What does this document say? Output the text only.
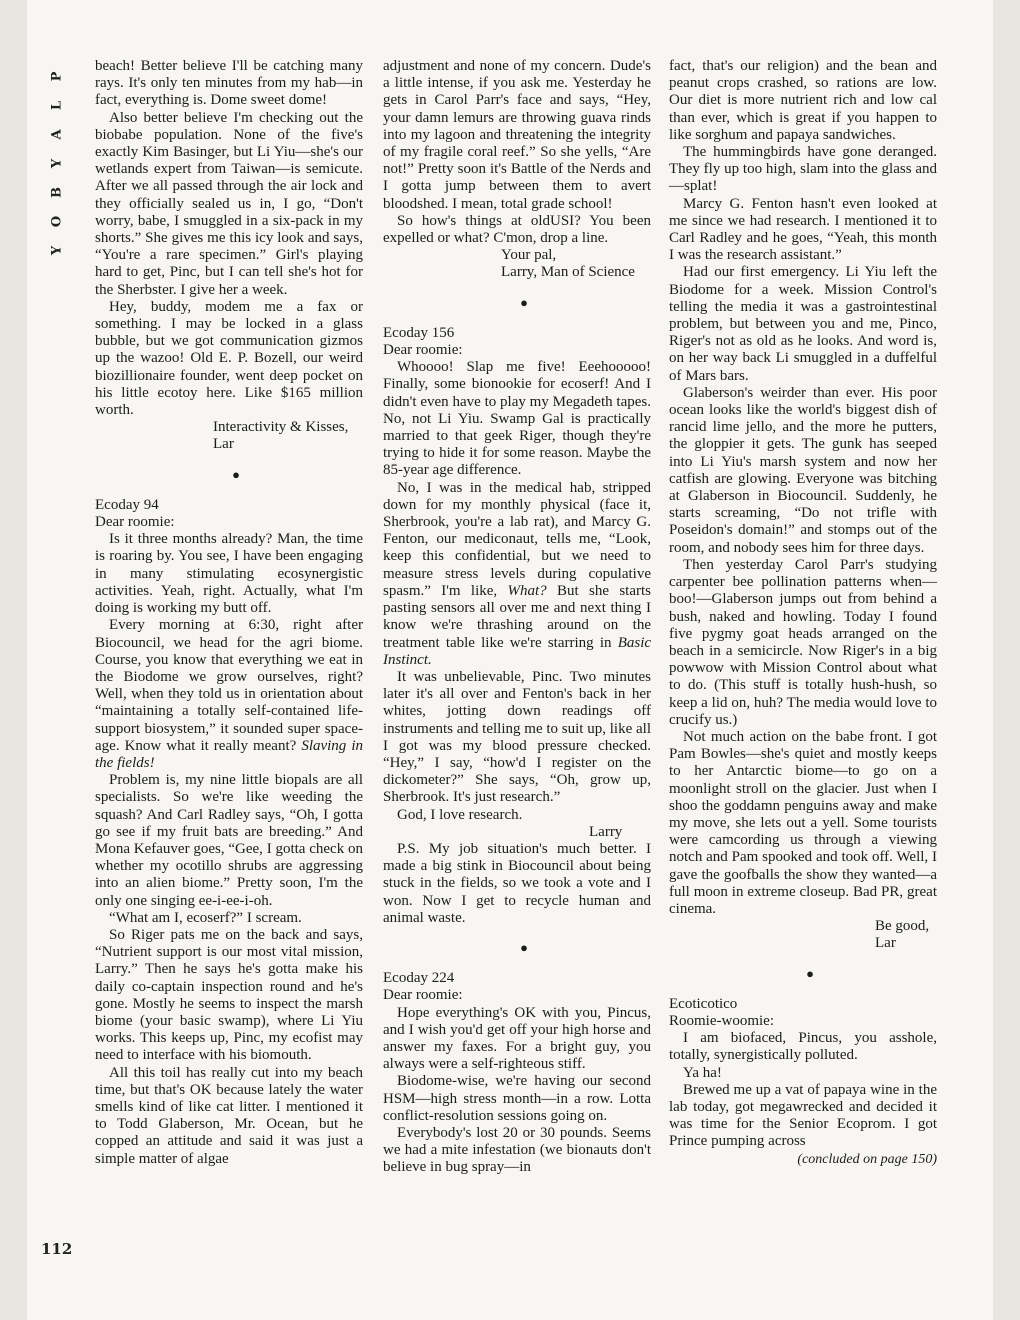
P
L
A
Y
B
O
Y
112

beach! Better believe I'll be catching many rays. It's only ten minutes from my hab—in fact, everything is. Dome sweet dome!

Also better believe I'm checking out the biobabe population. None of the five's exactly Kim Basinger, but Li Yiu—she's our wetlands expert from Taiwan—is semicute. After we all passed through the air lock and they officially sealed us in, I go, “Don't worry, babe, I smuggled in a six-pack in my shorts.” She gives me this icy look and says, “You're a rare specimen.” Girl's playing hard to get, Pinc, but I can tell she's hot for the Sherbster. I give her a week.

Hey, buddy, modem me a fax or something. I may be locked in a glass bubble, but we got communication gizmos up the wazoo! Old E. P. Bozell, our weird biozillionaire founder, went deep pocket on his little ecotoy here. Like $165 million worth.

Interactivity & Kisses,

Lar

●

Ecoday 94

Dear roomie:

Is it three months already? Man, the time is roaring by. You see, I have been engaging in many stimulating ecosynergistic activities. Yeah, right. Actually, what I'm doing is working my butt off.

Every morning at 6:30, right after Biocouncil, we head for the agri biome. Course, you know that everything we eat in the Biodome we grow ourselves, right? Well, when they told us in orientation about “maintaining a totally self-contained life-support biosystem,” it sounded super space-age. Know what it really meant? Slaving in the fields!

Problem is, my nine little biopals are all specialists. So we're like weeding the squash? And Carl Radley says, “Oh, I gotta go see if my fruit bats are breeding.” And Mona Kefauver goes, “Gee, I gotta check on whether my ocotillo shrubs are aggressing into an alien biome.” Pretty soon, I'm the only one singing ee-i-ee-i-oh.

“What am I, ecoserf?” I scream.

So Riger pats me on the back and says, “Nutrient support is our most vital mission, Larry.” Then he says he's gotta make his daily co-captain inspection round and he's gone. Mostly he seems to inspect the marsh biome (your basic swamp), where Li Yiu works. This keeps up, Pinc, my ecofist may need to interface with his biomouth.

All this toil has really cut into my beach time, but that's OK because lately the water smells kind of like cat litter. I mentioned it to Todd Glaberson, Mr. Ocean, but he copped an attitude and said it was just a simple matter of algae

adjustment and none of my concern. Dude's a little intense, if you ask me. Yesterday he gets in Carol Parr's face and says, “Hey, your damn lemurs are throwing guava rinds into my lagoon and threatening the integrity of my fragile coral reef.” So she yells, “Are not!” Pretty soon it's Battle of the Nerds and I gotta jump between them to avert bloodshed. I mean, total grade school!

So how's things at oldUSI? You been expelled or what? C'mon, drop a line.

Your pal,

Larry, Man of Science

●

Ecoday 156

Dear roomie:

Whoooo! Slap me five! Eeehooooo! Finally, some bionookie for ecoserf! And I didn't even have to play my Megadeth tapes. No, not Li Yiu. Swamp Gal is practically married to that geek Riger, though they're trying to hide it for some reason. Maybe the 85-year age difference.

No, I was in the medical hab, stripped down for my monthly physical (face it, Sherbrook, you're a lab rat), and Marcy G. Fenton, our mediconaut, tells me, “Look, keep this confidential, but we need to measure stress levels during copulative spasm.” I'm like, What? But she starts pasting sensors all over me and next thing I know we're thrashing around on the treatment table like we're starring in Basic Instinct.

It was unbelievable, Pinc. Two minutes later it's all over and Fenton's back in her whites, jotting down readings off instruments and telling me to suit up, like all I got was my blood pressure checked. “Hey,” I say, “how'd I register on the dickometer?” She says, “Oh, grow up, Sherbrook. It's just research.”

God, I love research.

Larry

P.S. My job situation's much better. I made a big stink in Biocouncil about being stuck in the fields, so we took a vote and I won. Now I get to recycle human and animal waste.

●

Ecoday 224

Dear roomie:

Hope everything's OK with you, Pincus, and I wish you'd get off your high horse and answer my faxes. For a bright guy, you always were a self-righteous stiff.

Biodome-wise, we're having our second HSM—high stress month—in a row. Lotta conflict-resolution sessions going on.

Everybody's lost 20 or 30 pounds. Seems we had a mite infestation (we bionauts don't believe in bug spray—in

fact, that's our religion) and the bean and peanut crops crashed, so rations are low. Our diet is more nutrient rich and low cal than ever, which is great if you happen to like sorghum and papaya sandwiches.

The hummingbirds have gone deranged. They fly up too high, slam into the glass and—splat!

Marcy G. Fenton hasn't even looked at me since we had research. I mentioned it to Carl Radley and he goes, “Yeah, this month I was the research assistant.”

Had our first emergency. Li Yiu left the Biodome for a week. Mission Control's telling the media it was a gastrointestinal problem, but between you and me, Pinco, Riger's not as old as he looks. And word is, on her way back Li smuggled in a duffelful of Mars bars.

Glaberson's weirder than ever. His poor ocean looks like the world's biggest dish of rancid lime jello, and the more he putters, the gloppier it gets. The gunk has seeped into Li Yiu's marsh system and now her catfish are glowing. Everyone was bitching at Glaberson in Biocouncil. Suddenly, he starts screaming, “Do not trifle with Poseidon's domain!” and stomps out of the room, and nobody sees him for three days.

Then yesterday Carol Parr's studying carpenter bee pollination patterns when—boo!—Glaberson jumps out from behind a bush, naked and howling. Today I found five pygmy goat heads arranged on the beach in a semicircle. Now Riger's in a big powwow with Mission Control about what to do. (This stuff is totally hush-hush, so keep a lid on, huh? The media would love to crucify us.)

Not much action on the babe front. I got Pam Bowles—she's quiet and mostly keeps to her Antarctic biome—to go on a moonlight stroll on the glacier. Just when I shoo the goddamn penguins away and make my move, she lets out a yell. Some tourists were camcording us through a viewing notch and Pam spooked and took off. Well, I gave the goofballs the show they wanted—a full moon in extreme closeup. Bad PR, great cinema.

Be good,

Lar

●

Ecoticotico

Roomie-woomie:

I am biofaced, Pincus, you asshole, totally, synergistically polluted.

Ya ha!

Brewed me up a vat of papaya wine in the lab today, got megawrecked and decided it was time for the Senior Ecoprom. I got Prince pumping across

(concluded on page 150)
